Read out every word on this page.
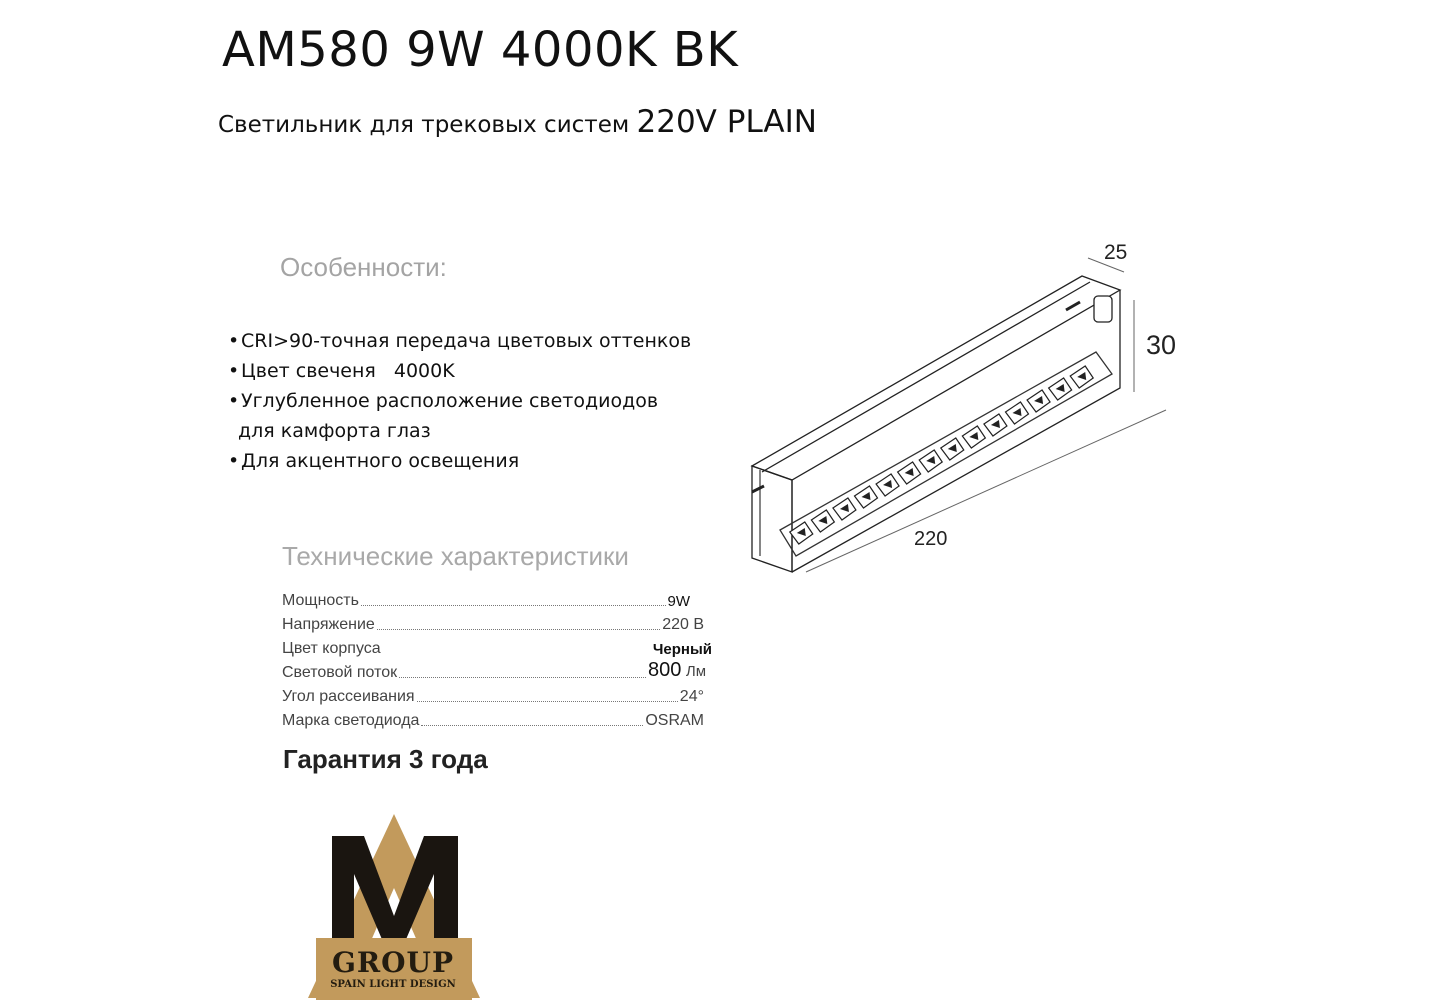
AM580 9W 4000K BK
Светильник для трековых систем 220V PLAIN
Особенности:
• CRI>90-точная передача цветовых оттенков
• Цвет свеченя 4000K
• Углубленное расположение светодиодов
для камфорта глаз
• Для акцентного освещения
Технические характеристики
Мощность	9W
Напряжение	220 В
Цвет корпуса	Черный
Световой поток	800 Лм
Угол рассеивания	24°
Марка светодиода	OSRAM
Гарантия 3 года
25
30
220
GROUP
SPAIN LIGHT DESIGN
